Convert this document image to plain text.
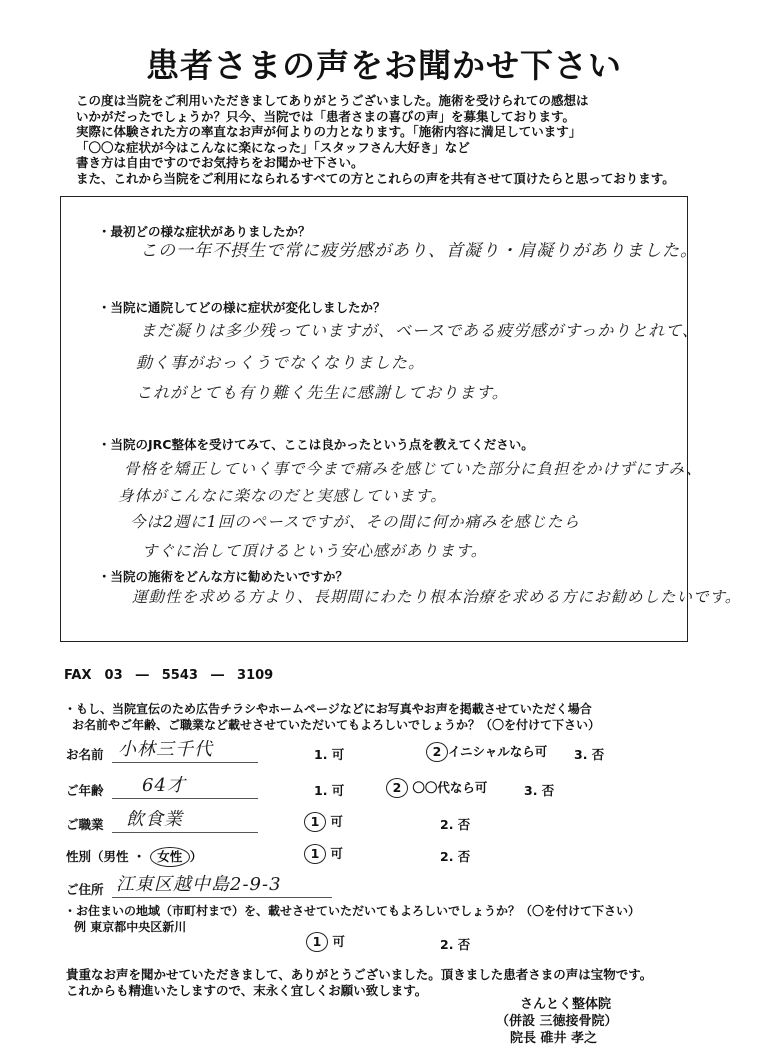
患者さまの声をお聞かせ下さい
この度は当院をご利用いただきましてありがとうございました。施術を受けられての感想は
いかがだったでしょうか？只今、当院では「患者さまの喜びの声」を募集しております。
実際に体験された方の率直なお声が何よりの力となります。「施術内容に満足しています」
「〇〇な症状が今はこんなに楽になった」「スタッフさん大好き」など
書き方は自由ですのでお気持ちをお聞かせ下さい。
また、これから当院をご利用になられるすべての方とこれらの声を共有させて頂けたらと思っております。
・最初どの様な症状がありましたか？
この一年不摂生で常に疲労感があり、首凝り・肩凝りがありました。
・当院に通院してどの様に症状が変化しましたか？
まだ凝りは多少残っていますが、ベースである疲労感がすっかりとれて、
動く事がおっくうでなくなりました。
これがとても有り難く先生に感謝しております。
・当院のJRC整体を受けてみて、ここは良かったという点を教えてください。
骨格を矯正していく事で今まで痛みを感じていた部分に負担をかけずにすみ、
身体がこんなに楽なのだと実感しています。
今は2週に1回のペースですが、その間に何か痛みを感じたら
すぐに治して頂けるという安心感があります。
・当院の施術をどんな方に勧めたいですか？
運動性を求める方より、長期間にわたり根本治療を求める方にお勧めしたいです。
FAX 03  ―  5543  ―  3109
・もし、当院宣伝のため広告チラシやホームページなどにお写真やお声を掲載させていただく場合
お名前やご年齢、ご職業など載せさせていただいてもよろしいでしょうか？（〇を付けて下さい）
お名前 小林三千代	1. 可	2 イニシャルなら可 3. 否
ご年齢 64才	1. 可	2 〇〇代なら可	3. 否
ご職業 飲食業	1 可	2. 否
性別（男性 ・ 女性 ）	1 可	2. 否
ご住所 江東区越中島2-9-3
・お住まいの地域（市町村まで）を、載せさせていただいてもよろしいでしょうか？（〇を付けて下さい）
例 東京都中央区新川
1 可	2. 否
貴重なお声を聞かせていただきまして、ありがとうございました。頂きました患者さまの声は宝物です。
これからも精進いたしますので、末永く宜しくお願い致します。
さんとく整体院
（併設 三徳接骨院）
院長 碓井 孝之
